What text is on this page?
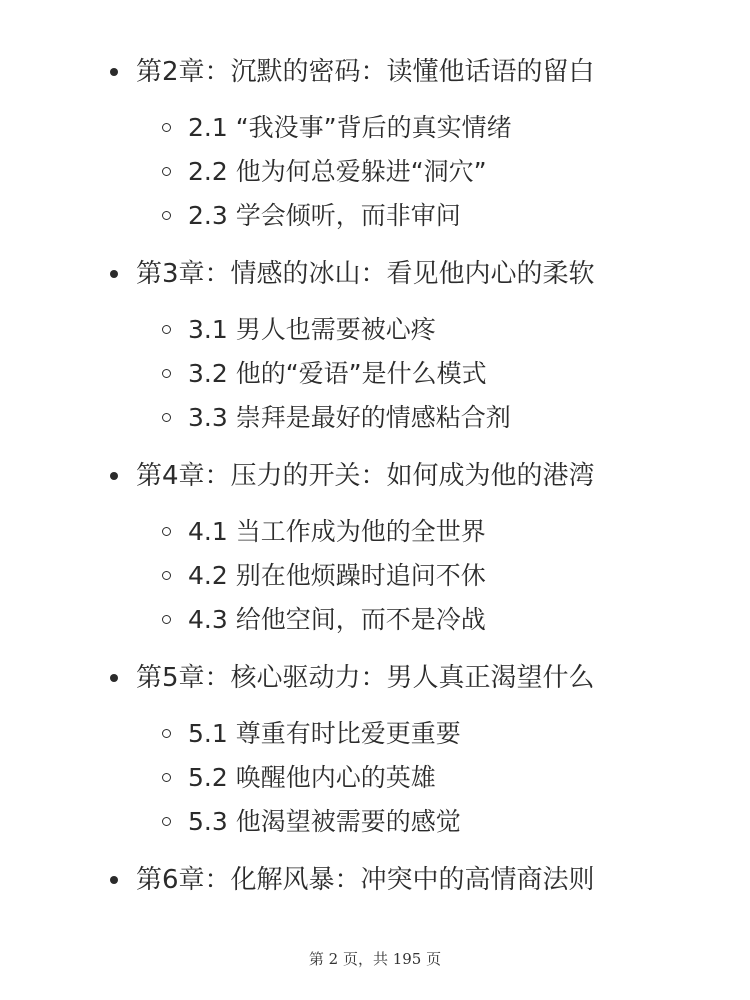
第2章：沉默的密码：读懂他话语的留白
2.1 “我没事”背后的真实情绪
2.2 他为何总爱躲进“洞穴”
2.3 学会倾听，而非审问
第3章：情感的冰山：看见他内心的柔软
3.1 男人也需要被心疼
3.2 他的“爱语”是什么模式
3.3 崇拜是最好的情感粘合剂
第4章：压力的开关：如何成为他的港湾
4.1 当工作成为他的全世界
4.2 别在他烦躁时追问不休
4.3 给他空间，而不是冷战
第5章：核心驱动力：男人真正渴望什么
5.1 尊重有时比爱更重要
5.2 唤醒他内心的英雄
5.3 他渴望被需要的感觉
第6章：化解风暴：冲突中的高情商法则
第 2 页，共 195 页
